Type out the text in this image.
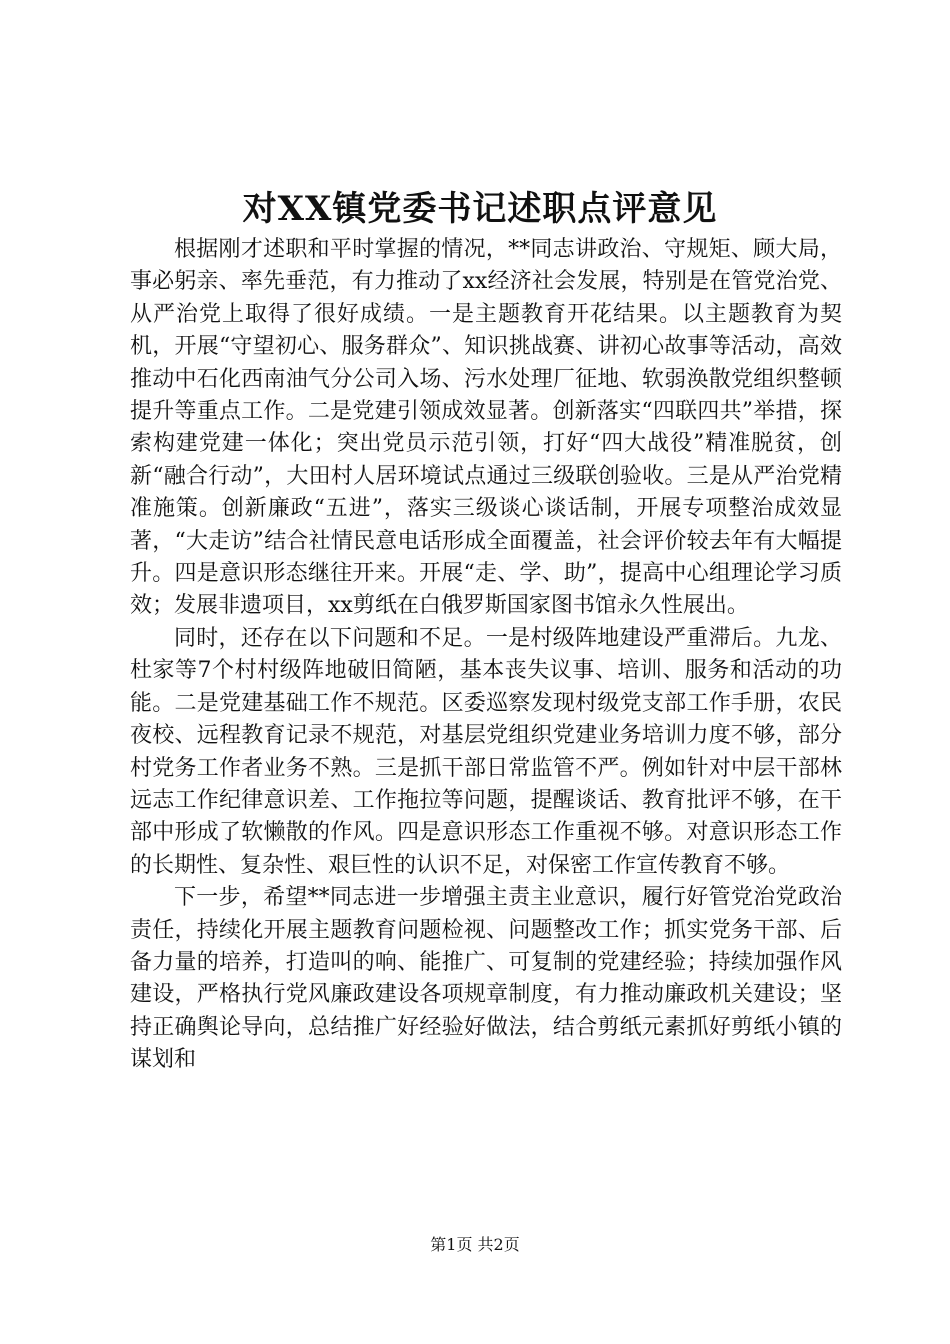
对XX镇党委书记述职点评意见

根据刚才述职和平时掌握的情况，**同志讲政治、守规矩、顾大局，事必躬亲、率先垂范，有力推动了xx经济社会发展，特别是在管党治党、从严治党上取得了很好成绩。一是主题教育开花结果。以主题教育为契机，开展“守望初心、服务群众”、知识挑战赛、讲初心故事等活动，高效推动中石化西南油气分公司入场、污水处理厂征地、软弱涣散党组织整顿提升等重点工作。二是党建引领成效显著。创新落实“四联四共”举措，探索构建党建一体化；突出党员示范引领，打好“四大战役”精准脱贫，创新“融合行动”，大田村人居环境试点通过三级联创验收。三是从严治党精准施策。创新廉政“五进”，落实三级谈心谈话制，开展专项整治成效显著，“大走访”结合社情民意电话形成全面覆盖，社会评价较去年有大幅提升。四是意识形态继往开来。开展“走、学、助”，提高中心组理论学习质效；发展非遗项目，xx剪纸在白俄罗斯国家图书馆永久性展出。

同时，还存在以下问题和不足。一是村级阵地建设严重滞后。九龙、杜家等7个村村级阵地破旧简陋，基本丧失议事、培训、服务和活动的功能。二是党建基础工作不规范。区委巡察发现村级党支部工作手册，农民夜校、远程教育记录不规范，对基层党组织党建业务培训力度不够，部分村党务工作者业务不熟。三是抓干部日常监管不严。例如针对中层干部林远志工作纪律意识差、工作拖拉等问题，提醒谈话、教育批评不够，在干部中形成了软懒散的作风。四是意识形态工作重视不够。对意识形态工作的长期性、复杂性、艰巨性的认识不足，对保密工作宣传教育不够。

下一步，希望**同志进一步增强主责主业意识，履行好管党治党政治责任，持续化开展主题教育问题检视、问题整改工作；抓实党务干部、后备力量的培养，打造叫的响、能推广、可复制的党建经验；持续加强作风建设，严格执行党风廉政建设各项规章制度，有力推动廉政机关建设；坚持正确舆论导向，总结推广好经验好做法，结合剪纸元素抓好剪纸小镇的谋划和

第1页 共2页
